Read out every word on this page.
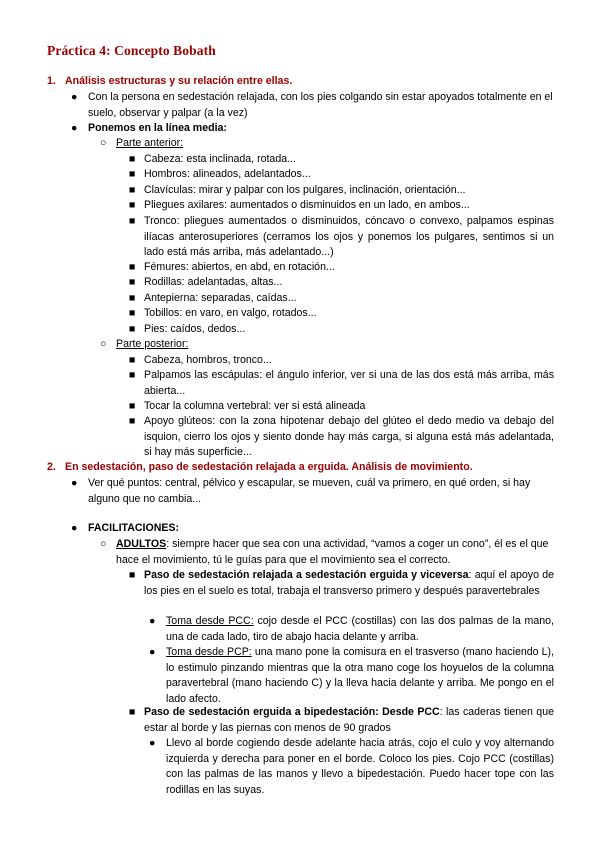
Práctica 4: Concepto Bobath
1. Análisis estructuras y su relación entre ellas.
● Con la persona en sedestación relajada, con los pies colgando sin estar apoyados totalmente en el suelo, observar y palpar (a la vez)
● Ponemos en la línea media:
○ Parte anterior:
■ Cabeza: esta inclinada, rotada...
■ Hombros: alineados, adelantados...
■ Clavículas: mirar y palpar con los pulgares, inclinación, orientación...
■ Pliegues axilares: aumentados o disminuidos en un lado, en ambos...
■ Tronco: pliegues aumentados o disminuidos, cóncavo o convexo, palpamos espinas ilíacas anterosuperiores (cerramos los ojos y ponemos los pulgares, sentimos si un lado está más arriba, más adelantado...)
■ Fémures: abiertos, en abd, en rotación...
■ Rodillas: adelantadas, altas...
■ Antepierna: separadas, caídas...
■ Tobillos: en varo, en valgo, rotados...
■ Pies: caídos, dedos...
○ Parte posterior:
■ Cabeza, hombros, tronco...
■ Palpamos las escápulas: el ángulo inferior, ver si una de las dos está más arriba, más abierta...
■ Tocar la columna vertebral: ver si está alineada
■ Apoyo glúteos: con la zona hipotenar debajo del glúteo el dedo medio va debajo del isquion, cierro los ojos y siento donde hay más carga, si alguna está más adelantada, si hay más superficie...
2. En sedestación, paso de sedestación relajada a erguida. Análisis de movimiento.
● Ver qué puntos: central, pélvico y escapular, se mueven, cuál va primero, en qué orden, si hay alguno que no cambia...
● FACILITACIONES:
○ ADULTOS: siempre hacer que sea con una actividad, “vamos a coger un cono”, él es el que hace el movimiento, tú le guías para que el movimiento sea el correcto.
■ Paso de sedestación relajada a sedestación erguida y viceversa: aquí el apoyo de los pies en el suelo es total, trabaja el transverso primero y después paravertebrales
● Toma desde PCC: cojo desde el PCC (costillas) con las dos palmas de la mano, una de cada lado, tiro de abajo hacia delante y arriba.
● Toma desde PCP: una mano pone la comisura en el trasverso (mano haciendo L), lo estimulo pinzando mientras que la otra mano coge los hoyuelos de la columna paravertebral (mano haciendo C) y la lleva hacia delante y arriba. Me pongo en el lado afecto.
■ Paso de sedestación erguida a bipedestación: Desde PCC: las caderas tienen que estar al borde y las piernas con menos de 90 grados
● Llevo al borde cogiendo desde adelante hacia atrás, cojo el culo y voy alternando izquierda y derecha para poner en el borde. Coloco los pies. Cojo PCC (costillas) con las palmas de las manos y llevo a bipedestación. Puedo hacer tope con las rodillas en las suyas.
